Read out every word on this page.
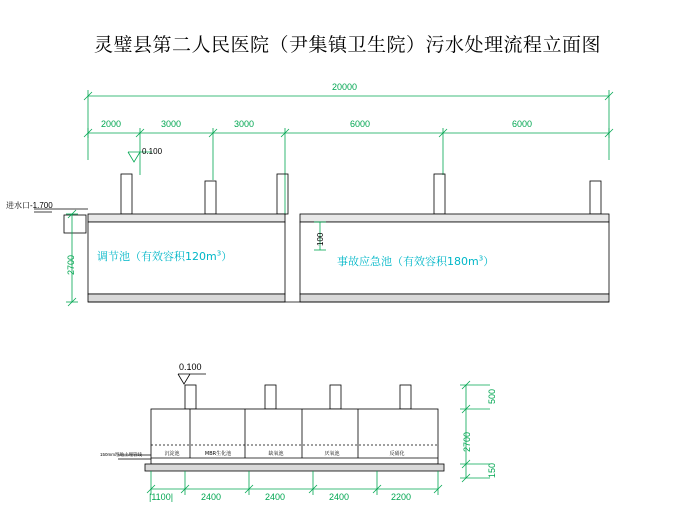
灵璧县第二人民医院（尹集镇卫生院）污水处理流程立面图
20000
2000	3000	3000	6000	6000
0.100
进水口-1.700
2700
100
调节池（有效容积$120m^3$）	事故应急池（有效容积$180m^3$）
0.100
150mm埋地土埋管线	沉淀池	MBR生化池	缺氧池	厌氧池	反硝化
|1100|	2400	2400	2400	2200
500
2700
150
